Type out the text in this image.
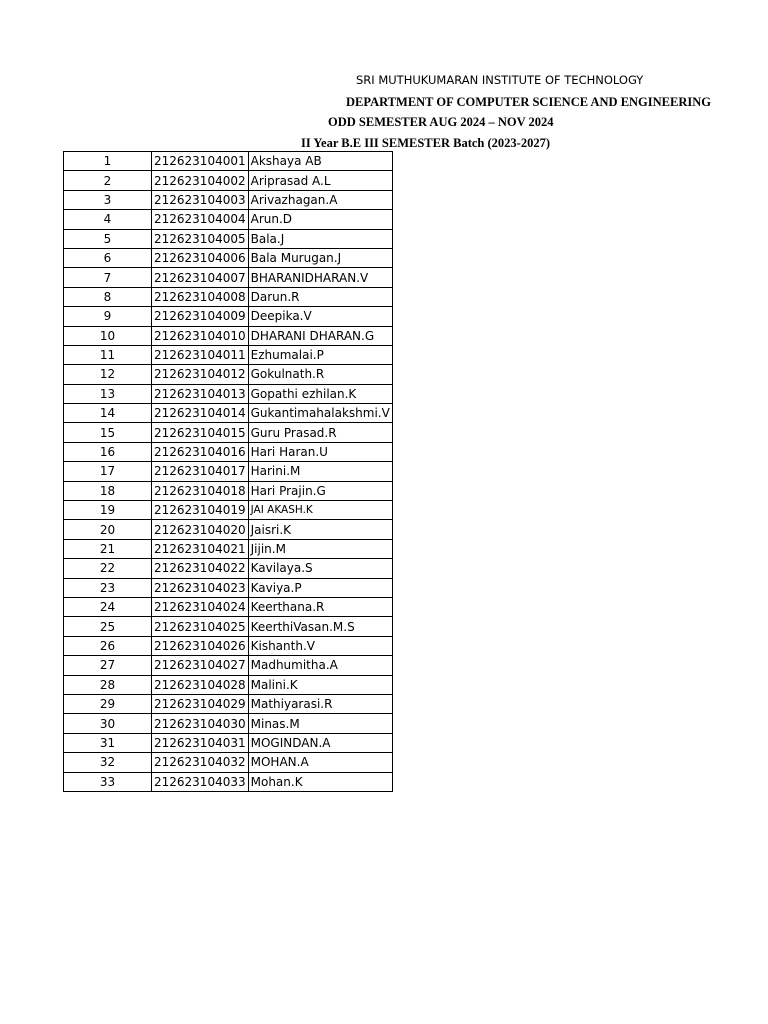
SRI MUTHUKUMARAN INSTITUTE OF TECHNOLOGY
DEPARTMENT OF COMPUTER SCIENCE AND ENGINEERING
ODD SEMESTER AUG 2024 – NOV 2024
II Year B.E III SEMESTER Batch (2023-2027)
1	212623104001	Akshaya AB
2	212623104002	Ariprasad A.L
3	212623104003	Arivazhagan.A
4	212623104004	Arun.D
5	212623104005	Bala.J
6	212623104006	Bala Murugan.J
7	212623104007	BHARANIDHARAN.V
8	212623104008	Darun.R
9	212623104009	Deepika.V
10	212623104010	DHARANI DHARAN.G
11	212623104011	Ezhumalai.P
12	212623104012	Gokulnath.R
13	212623104013	Gopathi ezhilan.K
14	212623104014	Gukantimahalakshmi.V
15	212623104015	Guru Prasad.R
16	212623104016	Hari Haran.U
17	212623104017	Harini.M
18	212623104018	Hari Prajin.G
19	212623104019	JAI AKASH.K
20	212623104020	Jaisri.K
21	212623104021	Jijin.M
22	212623104022	Kavilaya.S
23	212623104023	Kaviya.P
24	212623104024	Keerthana.R
25	212623104025	KeerthiVasan.M.S
26	212623104026	Kishanth.V
27	212623104027	Madhumitha.A
28	212623104028	Malini.K
29	212623104029	Mathiyarasi.R
30	212623104030	Minas.M
31	212623104031	MOGINDAN.A
32	212623104032	MOHAN.A
33	212623104033	Mohan.K
